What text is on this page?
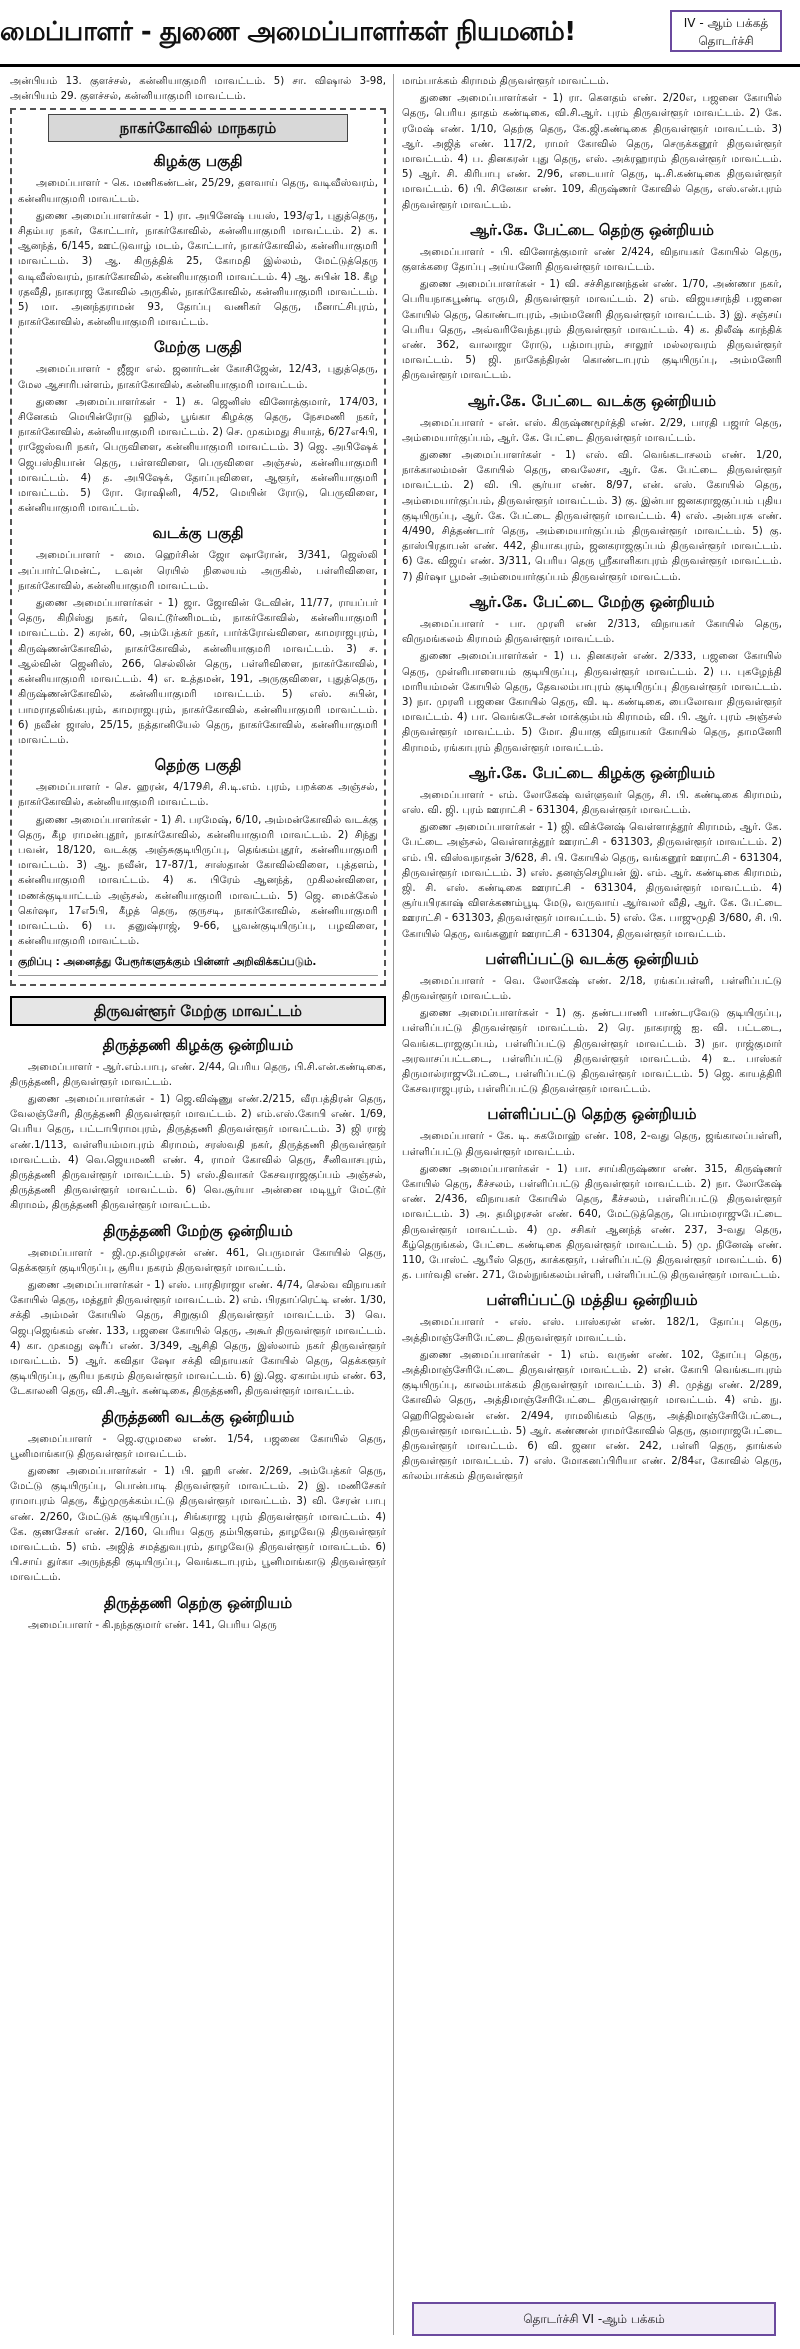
மைப்பாளர் - துணை அமைப்பாளர்கள் நியமனம்!	IV - ஆம் பக்கத்
தொடர்ச்சி

அன்பியம் 13. குளச்சல், கன்னியாகுமரி மாவட்டம். 5) சா. விஷால் 3-98, அன்பியம் 29. குளச்சல், கன்னியாகுமரி மாவட்டம்.

நாகர்கோவில் மாநகரம்
கிழக்கு பகுதி

அமைப்பாளர் - கெ. மணிகண்டன், 25/29, தளவாய் தெரு, வடிவீஸ்வரம், கன்னியாகுமரி மாவட்டம்.

துணை அமைப்பாளர்கள் - 1) ரா. அபினேஷ் பயஸ், 193/ஏ1, புதுத்தெரு, சிதம்பர நகர், கோட்டார், நாகர்கோவில், கன்னியாகுமரி மாவட்டம். 2) க. ஆனந்த், 6/145, ஊட்டுவாழ் மடம், கோட்டார், நாகர்கோவில், கன்னியாகுமரி மாவட்டம். 3) ஆ. கிருத்திக் 25, கோமதி இல்லம், மேட்டுத்தெரு வடிவீஸ்வரம், நாகர்கோவில், கன்னியாகுமரி மாவட்டம். 4) ஆ. சுபின் 18. கீழ ரதவீதி, நாகராஜ கோவில் அருகில், நாகர்கோவில், கன்னியாகுமரி மாவட்டம். 5) மா. அனந்தராமன் 93, தோப்பு வணிகர் தெரு, மீனாட்சிபுரம், நாகர்கோவில், கன்னியாகுமரி மாவட்டம்.

மேற்கு பகுதி

அமைப்பாளர் - ஜீஜா எல். ஜனார்டன் கோசிஜேன், 12/43, புதுத்தெரு, மேல ஆசாரிபள்ளம், நாகர்கோவில், கன்னியாகுமரி மாவட்டம்.

துணை அமைப்பாளர்கள் - 1) சு. ஜெனிஸ் வினோத்குமார், 174/03, சினேகம் மெயின்ரோடு ஹில், பூங்கா கிழக்கு தெரு, நேசமணி நகர், நாகர்கோவில், கன்னியாகுமரி மாவட்டம். 2) செ. முகம்மது சியாத், 6/27எ4பி, ராஜேஸ்வரி நகர், பெருவிளை, கன்னியாகுமரி மாவட்டம். 3) ஜெ. அபிஷேக் ஜெபஸ்தியான் தெரு, பள்ளவிளை, பெருவிளை அஞ்சல், கன்னியாகுமரி மாவட்டம். 4) த. அபிஷேக், தோப்புவிளை, ஆளூர், கன்னியாகுமரி மாவட்டம். 5) ரோ. ரோஷினி, 4/52, மெயின் ரோடு, பெருவிளை, கன்னியாகுமரி மாவட்டம்.

வடக்கு பகுதி

அமைப்பாளர் - மை. ஹெர்சின் ஜோ ஷாரோன், 3/341, ஜெஸ்லி அப்பார்ட்மென்ட், டவுன் ரெயில் நிலையம் அருகில், பள்ளிவிளை, நாகர்கோவில், கன்னியாகுமரி மாவட்டம்.

துணை அமைப்பாளர்கள் - 1) ஜா. ஜோவின் டேவின், 11/77, ராயப்பர் தெரு, கிறிஸ்து நகர், வெட்டூர்ணிமடம், நாகர்கோவில், கன்னியாகுமரி மாவட்டம். 2) கரன், 60, அம்பேத்கர் நகர், பார்க்ரோவ்விளை, காமராஜபுரம், கிருஷ்ணன்கோவில், நாகர்கோவில், கன்னியாகுமரி மாவட்டம். 3) ச. ஆல்வின் ஜெனிஸ், 266, செல்லின் தெரு, பள்ளிவிளை, நாகர்கோவில், கன்னியாகுமரி மாவட்டம். 4) எ. உத்தமன், 191, அருகுவிளை, புதுத்தெரு, கிருஷ்ணன்கோவில், கன்னியாகுமரி மாவட்டம். 5) எஸ். சுபின், பாமராதலிங்கபுரம், காமராஜபுரம், நாகர்கோவில், கன்னியாகுமரி மாவட்டம். 6) நவீன் ஜாஸ், 25/15, நத்தானியேல் தெரு, நாகர்கோவில், கன்னியாகுமரி மாவட்டம்.

தெற்கு பகுதி

அமைப்பாளர் - செ. ஹரன், 4/179சி, சி.டி.எம். புரம், பறக்கை அஞ்சல், நாகர்கோவில், கன்னியாகுமரி மாவட்டம்.

துணை அமைப்பாளர்கள் - 1) சி. பரமேஷ், 6/10, அம்மன்கோவில் வடக்கு தெரு, கீழ ராமன்புதூர், நாகர்கோவில், கன்னியாகுமரி மாவட்டம். 2) சிந்து பவன், 18/120, வடக்கு அஞ்சுகுடியிருப்பு, தெங்கம்புதூர், கன்னியாகுமரி மாவட்டம். 3) ஆ. நவீன், 17-87/1, சாஸ்தான் கோவில்விளை, புத்தளம், கன்னியாகுமரி மாவட்டம். 4) க. பிரேம் ஆனந்த், முகிலன்விளை, மணக்குடியாட்டம் அஞ்சல், கன்னியாகுமரி மாவட்டம். 5) ஜெ. மைக்கேல் கெர்ஷா, 17எ5பி, கீழத் தெரு, குருசடி, நாகர்கோவில், கன்னியாகுமரி மாவட்டம். 6) ப. தனுஷ்ராஜ், 9-66, பூவன்குடியிருப்பு, பழவிளை, கன்னியாகுமரி மாவட்டம்.

குறிப்பு : அனைத்து பேரூர்களுக்கும் பின்னர் அறிவிக்கப்படும்.
திருவள்ளூர் மேற்கு மாவட்டம்
திருத்தணி கிழக்கு ஒன்றியம்

அமைப்பாளர் - ஆர்.எம்.பாபு, எண். 2/44, பெரிய தெரு, பி.சி.என்.கண்டிகை, திருத்தணி, திருவள்ளூர் மாவட்டம்.

துணை அமைப்பாளர்கள் - 1) ஜெ.விஷ்ணு எண்.2/215, வீரபத்திரன் தெரு, வேலஞ்சேரி, திருத்தணி திருவள்ளூர் மாவட்டம். 2) எம்.எஸ்.கோபி எண். 1/69, பெரிய தெரு, பட்டாபிராமபுரம், திருத்தணி திருவள்ளூர் மாவட்டம். 3) ஜி ராஜ் எண்.1/113, வள்ளியம்மாபுரம் கிராமம், சரஸ்வதி நகர், திருத்தணி திருவள்ளூர் மாவட்டம். 4) வெ.ஜெயமணி எண். 4, ராமர் கோவில் தெரு, சீனிவாசபுரம், திருத்தணி திருவள்ளூர் மாவட்டம். 5) எஸ்.திவாகர் கேசவராஜகுப்பம் அஞ்சல், திருத்தணி திருவள்ளூர் மாவட்டம். 6) வெ.சூர்யா அன்னை மடியூர் மேட்டூர் கிராமம், திருத்தணி திருவள்ளூர் மாவட்டம்.

திருத்தணி மேற்கு ஒன்றியம்

அமைப்பாளர் - ஜி.மு.தமிழரசன் எண். 461, பெருமாள் கோயில் தெரு, தெக்களூர் குடியிருப்பு, சூரிய நகரம் திருவள்ளூர் மாவட்டம்.

துணை அமைப்பாளர்கள் - 1) எஸ். பாரதிராஜா எண். 4/74, செல்வ விநாயகர் கோயில் தெரு, மத்தூர் திருவள்ளூர் மாவட்டம். 2) எம். பிரதாப்ரெட்டி எண். 1/30, சக்தி அம்மன் கோயில் தெரு, சிறுகுமி திருவள்ளூர் மாவட்டம். 3) வெ. ஜெபுஜெங்கம் எண். 133, பஜனை கோயில் தெரு, அகூர் திருவள்ளூர் மாவட்டம். 4) கா. முகமது ஷரீப் எண். 3/349, ஆசிதி தெரு, இஸ்லாம் நகர் திருவள்ளூர் மாவட்டம். 5) ஆர். கவிதா ஷோ சக்தி விநாயகர் கோயில் தெரு, தெக்களூர் குடியிருப்பு, சூரிய நகரம் திருவள்ளூர் மாவட்டம். 6) இ.ஜெ. ஏகாம்பரம் எண். 63, டேகாலனி தெரு, வி.சி.ஆர். கண்டிகை, திருத்தணி, திருவள்ளூர் மாவட்டம்.

திருத்தணி வடக்கு ஒன்றியம்

அமைப்பாளர் - ஜெ.ஏழுமலை எண். 1/54, பஜனை கோயில் தெரு, பூனிமாங்காடு திருவள்ளூர் மாவட்டம்.

துணை அமைப்பாளர்கள் - 1) பி. ஹரி எண். 2/269, அம்பேத்கர் தெரு, மேட்டு குடியிருப்பு, பொன்பாடி திருவள்ளூர் மாவட்டம். 2) இ. மணிசேகர் ராமாபுரம் தெரு, கீழ்முருக்கம்பட்டு திருவள்ளூர் மாவட்டம். 3) வி. சேரன் பாபு எண். 2/260, மேட்டுக் குடியிருப்பு, சிங்கராஜ புரம் திருவள்ளூர் மாவட்டம். 4) கே. குணசேகர் எண். 2/160, பெரிய தெரு தம்பிகுளம், தாழவேடு திருவள்ளூர் மாவட்டம். 5) எம். அஜித் சமத்துவபுரம், தாழவேடு திருவள்ளூர் மாவட்டம். 6) பி.சாய் துர்கா அருந்ததி குடியிருப்பு, வெங்கடாபுரம், பூனிமாங்காடு திருவள்ளூர் மாவட்டம்.

திருத்தணி தெற்கு ஒன்றியம்

அமைப்பாளர் - கி.நந்தகுமார் எண். 141, பெரிய தெரு

மாம்பாக்கம் கிராமம் திருவள்ளூர் மாவட்டம்.

துணை அமைப்பாளர்கள் - 1) ரா. கௌதம் எண். 2/20எ, பஜனை கோயில் தெரு, பெரிய தாதம் கண்டிகை, வி.சி.ஆர். புரம் திருவள்ளூர் மாவட்டம். 2) கே. ரமேஷ் எண். 1/10, தெற்கு தெரு, கே.ஜி.கண்டிகை திருவள்ளூர் மாவட்டம். 3) ஆர். அஜித் எண். 117/2, ராமர் கோவில் தெரு, செருக்கனூர் திருவள்ளூர் மாவட்டம். 4) ப. தினகரன் புது தெரு, எஸ். அக்ரஹாரம் திருவள்ளூர் மாவட்டம். 5) ஆர். சி. கிரிபாபு எண். 2/96, எடையார் தெரு, டி.சி.கண்டிகை திருவள்ளூர் மாவட்டம். 6) பி. சினேகா எண். 109, கிருஷ்ணர் கோவில் தெரு, எஸ்.என்.புரம் திருவள்ளூர் மாவட்டம்.

ஆர்.கே. பேட்டை தெற்கு ஒன்றியம்

அமைப்பாளர் - பி. வினோத்குமார் எண் 2/424, விநாயகர் கோயில் தெரு, குளக்கரை தோப்பு அய்யனேரி திருவள்ளூர் மாவட்டம்.

துணை அமைப்பாளர்கள் - 1) வி. சச்சிதானந்தன் எண். 1/70, அண்ணா நகர், பெரியநாகபூண்டி எருமி, திருவள்ளூர் மாவட்டம். 2) எம். விஜயசாந்தி பஜனை கோயில் தெரு, கொண்டாபுரம், அம்மனேரி திருவள்ளூர் மாவட்டம். 3) இ. சஞ்சய் பெரிய தெரு, அவ்வரிவேந்தபுரம் திருவள்ளூர் மாவட்டம். 4) க. திலீஷ் காந்திக் எண். 362, வாலாஜா ரோடு, பத்மாபுரம், சாலூர் மல்லரவரம் திருவள்ளூர் மாவட்டம். 5) ஜி. நாகேந்திரன் கொண்டாபுரம் குடியிருப்பு, அம்மனேரி திருவள்ளூர் மாவட்டம்.

ஆர்.கே. பேட்டை வடக்கு ஒன்றியம்

அமைப்பாளர் - என். எஸ். கிருஷ்ணமூர்த்தி எண். 2/29, பாரதி பஜார் தெரு, அம்மையார்குப்பம், ஆர். கே. பேட்டை திருவள்ளூர் மாவட்டம்.

துணை அமைப்பாளர்கள் - 1) எஸ். வி. வெங்கடாசலம் எண். 1/20, நாக்காலம்மன் கோயில் தெரு, வைலேசா, ஆர். கே. பேட்டை திருவள்ளூர் மாவட்டம். 2) வி. பி. சூர்யா எண். 8/97, என். எஸ். கோயில் தெரு, அம்மையார்குப்பம், திருவள்ளூர் மாவட்டம். 3) கு. இன்பா ஜனகராஜகுப்பம் புதிய குடியிருப்பு, ஆர். கே. பேட்டை திருவள்ளூர் மாவட்டம். 4) எஸ். அன்பரசு எண். 4/490, சித்தண்டார் தெரு, அம்மையார்குப்பம் திருவள்ளூர் மாவட்டம். 5) கு. தாஸ்பிரதாபன் எண். 442, தியாகபுரம், ஜனகராஜகுப்பம் திருவள்ளூர் மாவட்டம். 6) கே. விஜய் எண். 3/311, பெரிய தெரு ஸ்ரீகாளிகாபுரம் திருவள்ளூர் மாவட்டம். 7) திர்ஷா பூமன் அம்மையார்குப்பம் திருவள்ளூர் மாவட்டம்.

ஆர்.கே. பேட்டை மேற்கு ஒன்றியம்

அமைப்பாளர் - பா. முரளி எண் 2/313, விநாயகர் கோயில் தெரு, விருமங்கலம் கிராமம் திருவள்ளூர் மாவட்டம்.

துணை அமைப்பாளர்கள் - 1) ப. தினகரன் எண். 2/333, பஜனை கோயில் தெரு, முள்ளிபாளையம் குடியிருப்பு, திருவள்ளூர் மாவட்டம். 2) ப. புகழேந்தி மாரியம்மன் கோயில் தெரு, தேவலம்பாபுரம் குடியிருப்பு திருவள்ளூர் மாவட்டம். 3) நா. முரளி பஜனை கோயில் தெரு, வி. டி. கண்டிகை, பைலோவா திருவள்ளூர் மாவட்டம். 4) பா. வெங்கடேசன் மாக்கும்பம் கிராமம், வி. பி. ஆர். புரம் அஞ்சல் திருவள்ளூர் மாவட்டம். 5) மோ. தியாகு விநாயகர் கோயில் தெரு, தாமனேரி கிராமம், ரங்காபுரம் திருவள்ளூர் மாவட்டம்.

ஆர்.கே. பேட்டை கிழக்கு ஒன்றியம்

அமைப்பாளர் - எம். லோகேஷ் வள்ளுவர் தெரு, சி. பி. கண்டிகை கிராமம், எஸ். வி. ஜி. புரம் ஊராட்சி - 631304, திருவள்ளூர் மாவட்டம்.

துணை அமைப்பாளர்கள் - 1) ஜி. விக்னேஷ் வெள்ளாத்தூர் கிராமம், ஆர். கே. பேட்டை அஞ்சல், வெள்ளாத்தூர் ஊராட்சி - 631303, திருவள்ளூர் மாவட்டம். 2) எம். பி. விஸ்வநாதன் 3/628, சி. பி. கோயில் தெரு, வங்கனூர் ஊராட்சி - 631304, திருவள்ளூர் மாவட்டம். 3) எஸ். தனஞ்செழியன் இ. எம். ஆர். கண்டிகை கிராமம், ஜி. சி. எஸ். கண்டிகை ஊராட்சி - 631304, திருவள்ளூர் மாவட்டம். 4) சூர்யபிரகாஷ் விளக்கணம்பூடி மேடு, வருவாய் ஆர்வலர் வீதி, ஆர். கே. பேட்டை ஊராட்சி - 631303, திருவள்ளூர் மாவட்டம். 5) எஸ். கே. பாஜுமுதி 3/680, சி. பி. கோயில் தெரு, வங்கனூர் ஊராட்சி - 631304, திருவள்ளூர் மாவட்டம்.

பள்ளிப்பட்டு வடக்கு ஒன்றியம்

அமைப்பாளர் - வெ. லோகேஷ் எண். 2/18, ரங்கப்பள்ளி, பள்ளிப்பட்டு திருவள்ளூர் மாவட்டம்.

துணை அமைப்பாளர்கள் - 1) கு. தண்டபாணி பாண்டரவேடு குடியிருப்பு, பள்ளிப்பட்டு திருவள்ளூர் மாவட்டம். 2) ரெ. நாகராஜ் ஐ. வி. பட்டடை, வெங்கடராஜகுப்பம், பள்ளிப்பட்டு திருவள்ளூர் மாவட்டம். 3) நா. ராஜ்குமார் அரவாசப்பட்டடை, பள்ளிப்பட்டு திருவள்ளூர் மாவட்டம். 4) உ. பாஸ்கர் திருமால்ராஜுபேட்டை, பள்ளிப்பட்டு திருவள்ளூர் மாவட்டம். 5) ஜெ. காயத்திரி கேசவராஜபுரம், பள்ளிப்பட்டு திருவள்ளூர் மாவட்டம்.

பள்ளிப்பட்டு தெற்கு ஒன்றியம்

அமைப்பாளர் - கே. டி. சுகமோஹ் எண். 108, 2-வது தெரு, ஜங்காலப்பள்ளி, பள்ளிப்பட்டு திருவள்ளூர் மாவட்டம்.

துணை அமைப்பாளர்கள் - 1) பா. சாய்கிருஷ்ணா எண். 315, கிருஷ்ணர் கோயில் தெரு, கீச்சலம், பள்ளிப்பட்டு திருவள்ளூர் மாவட்டம். 2) நா. லோகேஷ் எண். 2/436, விநாயகர் கோயில் தெரு, கீச்சலம், பள்ளிப்பட்டு திருவள்ளூர் மாவட்டம். 3) அ. தமிழரசன் எண். 640, மேட்டுத்தெரு, பொம்மராஜுபேட்டை திருவள்ளூர் மாவட்டம். 4) மு. சசிகர் ஆனந்த் எண். 237, 3-வது தெரு, கீழ்தெருங்கல், பேட்டை கண்டிகை திருவள்ளூர் மாவட்டம். 5) மு. நினேஷ் எண். 110, போஸ்ட் ஆபீஸ் தெரு, காக்களூர், பள்ளிப்பட்டு திருவள்ளூர் மாவட்டம். 6) த. பார்வதி எண். 271, மேல்நுங்கலம்பள்ளி, பள்ளிப்பட்டு திருவள்ளூர் மாவட்டம்.

பள்ளிப்பட்டு மத்திய ஒன்றியம்

அமைப்பாளர் - எஸ். எஸ். பாஸ்கரன் எண். 182/1, தோப்பு தெரு, அத்திமாஞ்சேரிபேட்டை திருவள்ளூர் மாவட்டம்.

துணை அமைப்பாளர்கள் - 1) எம். வருண் எண். 102, தோப்பு தெரு, அத்திமாஞ்சேரிபேட்டை திருவள்ளூர் மாவட்டம். 2) என். கோபி வெங்கடாபுரம் குடியிருப்பு, காலம்பாக்கம் திருவள்ளூர் மாவட்டம். 3) சி. முத்து எண். 2/289, கோவில் தெரு, அத்திமாஞ்சேரிபேட்டை திருவள்ளூர் மாவட்டம். 4) எம். நு. ஹெரிஜெல்வன் எண். 2/494, ராமலிங்கம் தெரு, அத்திமாஞ்சேரிபேட்டை, திருவள்ளூர் மாவட்டம். 5) ஆர். கண்ணன் ராமர்கோவில் தெரு, குமாராஜபேட்டை திருவள்ளூர் மாவட்டம். 6) வி. ஜனா எண். 242, பள்ளி தெரு, தாங்கல் திருவள்ளூர் மாவட்டம். 7) எஸ். மோகனப்பிரியா எண். 2/84எ, கோவில் தெரு, கர்லம்பாக்கம் திருவள்ளூர்

தொடர்ச்சி VI -ஆம் பக்கம்
